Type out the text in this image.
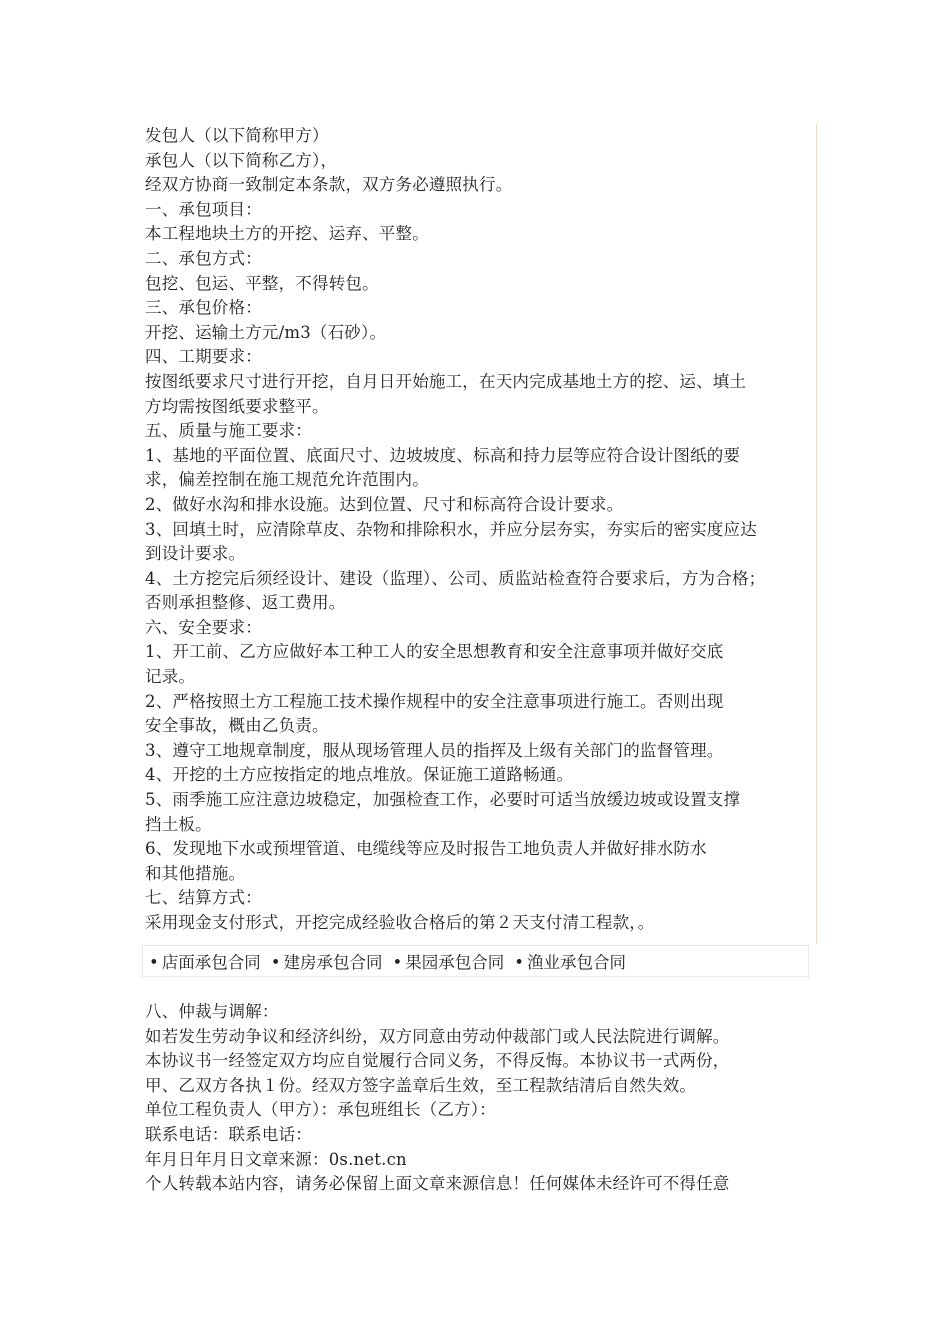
发包人（以下简称甲方）
承包人（以下简称乙方），
经双方协商一致制定本条款，双方务必遵照执行。
一、承包项目：
本工程地块土方的开挖、运弃、平整。
二、承包方式：
包挖、包运、平整，不得转包。
三、承包价格：
开挖、运输土方元/m3（石砂）。
四、工期要求：
按图纸要求尺寸进行开挖，自月日开始施工，在天内完成基地土方的挖、运、填土
方均需按图纸要求整平。
五、质量与施工要求：
1、基地的平面位置、底面尺寸、边坡坡度、标高和持力层等应符合设计图纸的要
求，偏差控制在施工规范允许范围内。
2、做好水沟和排水设施。达到位置、尺寸和标高符合设计要求。
3、回填土时，应清除草皮、杂物和排除积水，并应分层夯实，夯实后的密实度应达
到设计要求。
4、土方挖完后须经设计、建设（监理）、公司、质监站检查符合要求后，方为合格；
否则承担整修、返工费用。
六、安全要求：
1、开工前、乙方应做好本工种工人的安全思想教育和安全注意事项并做好交底
记录。
2、严格按照土方工程施工技术操作规程中的安全注意事项进行施工。否则出现
安全事故，概由乙负责。
3、遵守工地规章制度，服从现场管理人员的指挥及上级有关部门的监督管理。
4、开挖的土方应按指定的地点堆放。保证施工道路畅通。
5、雨季施工应注意边坡稳定，加强检查工作，必要时可适当放缓边坡或设置支撑
挡土板。
6、发现地下水或预埋管道、电缆线等应及时报告工地负责人并做好排水防水
和其他措施。
七、结算方式：
采用现金支付形式，开挖完成经验收合格后的第２天支付清工程款，。
• 店面承包合同 • 建房承包合同 • 果园承包合同 • 渔业承包合同
八、仲裁与调解：
如若发生劳动争议和经济纠纷，双方同意由劳动仲裁部门或人民法院进行调解。
本协议书一经签定双方均应自觉履行合同义务，不得反悔。本协议书一式两份，
甲、乙双方各执１份。经双方签字盖章后生效，至工程款结清后自然失效。
单位工程负责人（甲方）：承包班组长（乙方）：
联系电话：联系电话：
年月日年月日文章来源：0s.net.cn
个人转载本站内容，请务必保留上面文章来源信息！任何媒体未经许可不得任意
